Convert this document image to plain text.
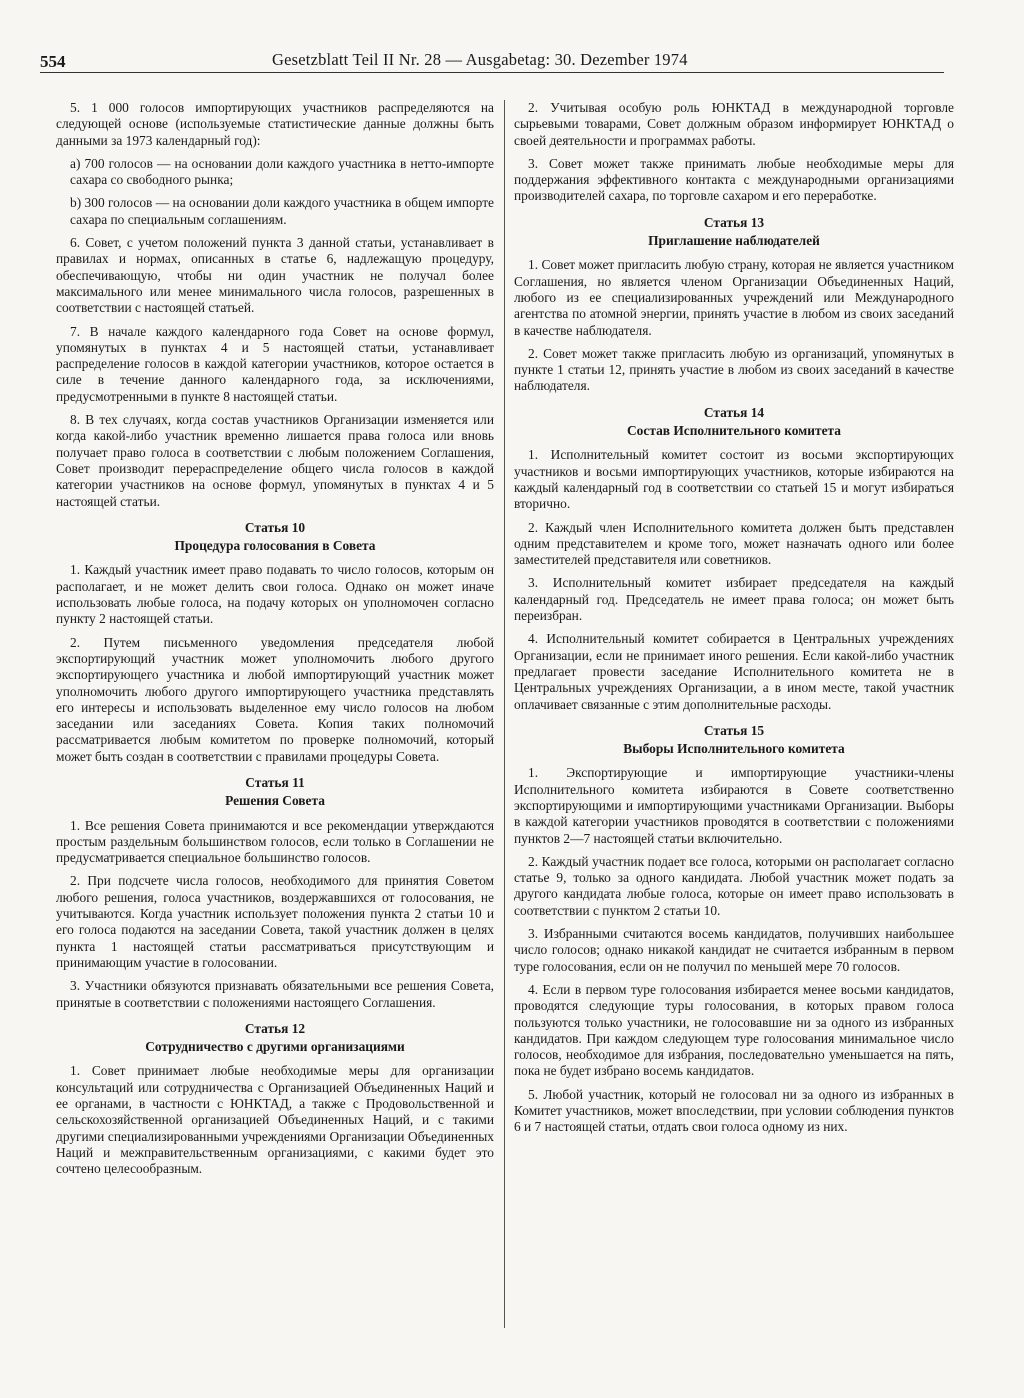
554	Gesetzblatt Teil II Nr. 28 — Ausgabetag: 30. Dezember 1974

5. 1 000 голосов импортирующих участников распределяются на следующей основе (используемые статистические данные должны быть данными за 1973 календарный год):

a) 700 голосов — на основании доли каждого участника в нетто-импорте сахара со свободного рынка;

b) 300 голосов — на основании доли каждого участника в общем импорте сахара по специальным соглашениям.

6. Совет, с учетом положений пункта 3 данной статьи, устанавливает в правилах и нормах, описанных в статье 6, надлежащую процедуру, обеспечивающую, чтобы ни один участник не получал более максимального или менее минимального числа голосов, разрешенных в соответствии с настоящей статьей.

7. В начале каждого календарного года Совет на основе формул, упомянутых в пунктах 4 и 5 настоящей статьи, устанавливает распределение голосов в каждой категории участников, которое остается в силе в течение данного календарного года, за исключениями, предусмотренными в пункте 8 настоящей статьи.

8. В тех случаях, когда состав участников Организации изменяется или когда какой-либо участник временно лишается права голоса или вновь получает право голоса в соответствии с любым положением Соглашения, Совет производит перераспределение общего числа голосов в каждой категории участников на основе формул, упомянутых в пунктах 4 и 5 настоящей статьи.

Статья 10
Процедура голосования в Совета

1. Каждый участник имеет право подавать то число голосов, которым он располагает, и не может делить свои голоса. Однако он может иначе использовать любые голоса, на подачу которых он уполномочен согласно пункту 2 настоящей статьи.

2. Путем письменного уведомления председателя любой экспортирующий участник может уполномочить любого другого экспортирующего участника и любой импортирующий участник может уполномочить любого другого импортирующего участника представлять его интересы и использовать выделенное ему число голосов на любом заседании или заседаниях Совета. Копия таких полномочий рассматривается любым комитетом по проверке полномочий, который может быть создан в соответствии с правилами процедуры Совета.

Статья 11
Решения Совета

1. Все решения Совета принимаются и все рекомендации утверждаются простым раздельным большинством голосов, если только в Соглашении не предусматривается специальное большинство голосов.

2. При подсчете числа голосов, необходимого для принятия Советом любого решения, голоса участников, воздержавшихся от голосования, не учитываются. Когда участник использует положения пункта 2 статьи 10 и его голоса подаются на заседании Совета, такой участник должен в целях пункта 1 настоящей статьи рассматриваться присутствующим и принимающим участие в голосовании.

3. Участники обязуются признавать обязательными все решения Совета, принятые в соответствии с положениями настоящего Соглашения.

Статья 12
Сотрудничество с другими организациями

1. Совет принимает любые необходимые меры для организации консультаций или сотрудничества с Организацией Объединенных Наций и ее органами, в частности с ЮНКТАД, а также с Продовольственной и сельскохозяйственной организацией Объединенных Наций, и с такими другими специализированными учреждениями Организации Объединенных Наций и межправительственным организациями, с какими будет это сочтено целесообразным.

2. Учитывая особую роль ЮНКТАД в международной торговле сырьевыми товарами, Совет должным образом информирует ЮНКТАД о своей деятельности и программах работы.

3. Совет может также принимать любые необходимые меры для поддержания эффективного контакта с международными организациями производителей сахара, по торговле сахаром и его переработке.

Статья 13
Приглашение наблюдателей

1. Совет может пригласить любую страну, которая не является участником Соглашения, но является членом Организации Объединенных Наций, любого из ее специализированных учреждений или Международного агентства по атомной энергии, принять участие в любом из своих заседаний в качестве наблюдателя.

2. Совет может также пригласить любую из организаций, упомянутых в пункте 1 статьи 12, принять участие в любом из своих заседаний в качестве наблюдателя.

Статья 14
Состав Исполнительного комитета

1. Исполнительный комитет состоит из восьми экспортирующих участников и восьми импортирующих участников, которые избираются на каждый календарный год в соответствии со статьей 15 и могут избираться вторично.

2. Каждый член Исполнительного комитета должен быть представлен одним представителем и кроме того, может назначать одного или более заместителей представителя или советников.

3. Исполнительный комитет избирает председателя на каждый календарный год. Председатель не имеет права голоса; он может быть переизбран.

4. Исполнительный комитет собирается в Центральных учреждениях Организации, если не принимает иного решения. Если какой-либо участник предлагает провести заседание Исполнительного комитета не в Центральных учреждениях Организации, а в ином месте, такой участник оплачивает связанные с этим дополнительные расходы.

Статья 15
Выборы Исполнительного комитета

1. Экспортирующие и импортирующие участники-члены Исполнительного комитета избираются в Совете соответственно экспортирующими и импортирующими участниками Организации. Выборы в каждой категории участников проводятся в соответствии с положениями пунктов 2—7 настоящей статьи включительно.

2. Каждый участник подает все голоса, которыми он располагает согласно статье 9, только за одного кандидата. Любой участник может подать за другого кандидата любые голоса, которые он имеет право использовать в соответствии с пунктом 2 статьи 10.

3. Избранными считаются восемь кандидатов, получивших наибольшее число голосов; однако никакой кандидат не считается избранным в первом туре голосования, если он не получил по меньшей мере 70 голосов.

4. Если в первом туре голосования избирается менее восьми кандидатов, проводятся следующие туры голосования, в которых правом голоса пользуются только участники, не голосовавшие ни за одного из избранных кандидатов. При каждом следующем туре голосования минимальное число голосов, необходимое для избрания, последовательно уменьшается на пять, пока не будет избрано восемь кандидатов.

5. Любой участник, который не голосовал ни за одного из избранных в Комитет участников, может впоследствии, при условии соблюдения пунктов 6 и 7 настоящей статьи, отдать свои голоса одному из них.
